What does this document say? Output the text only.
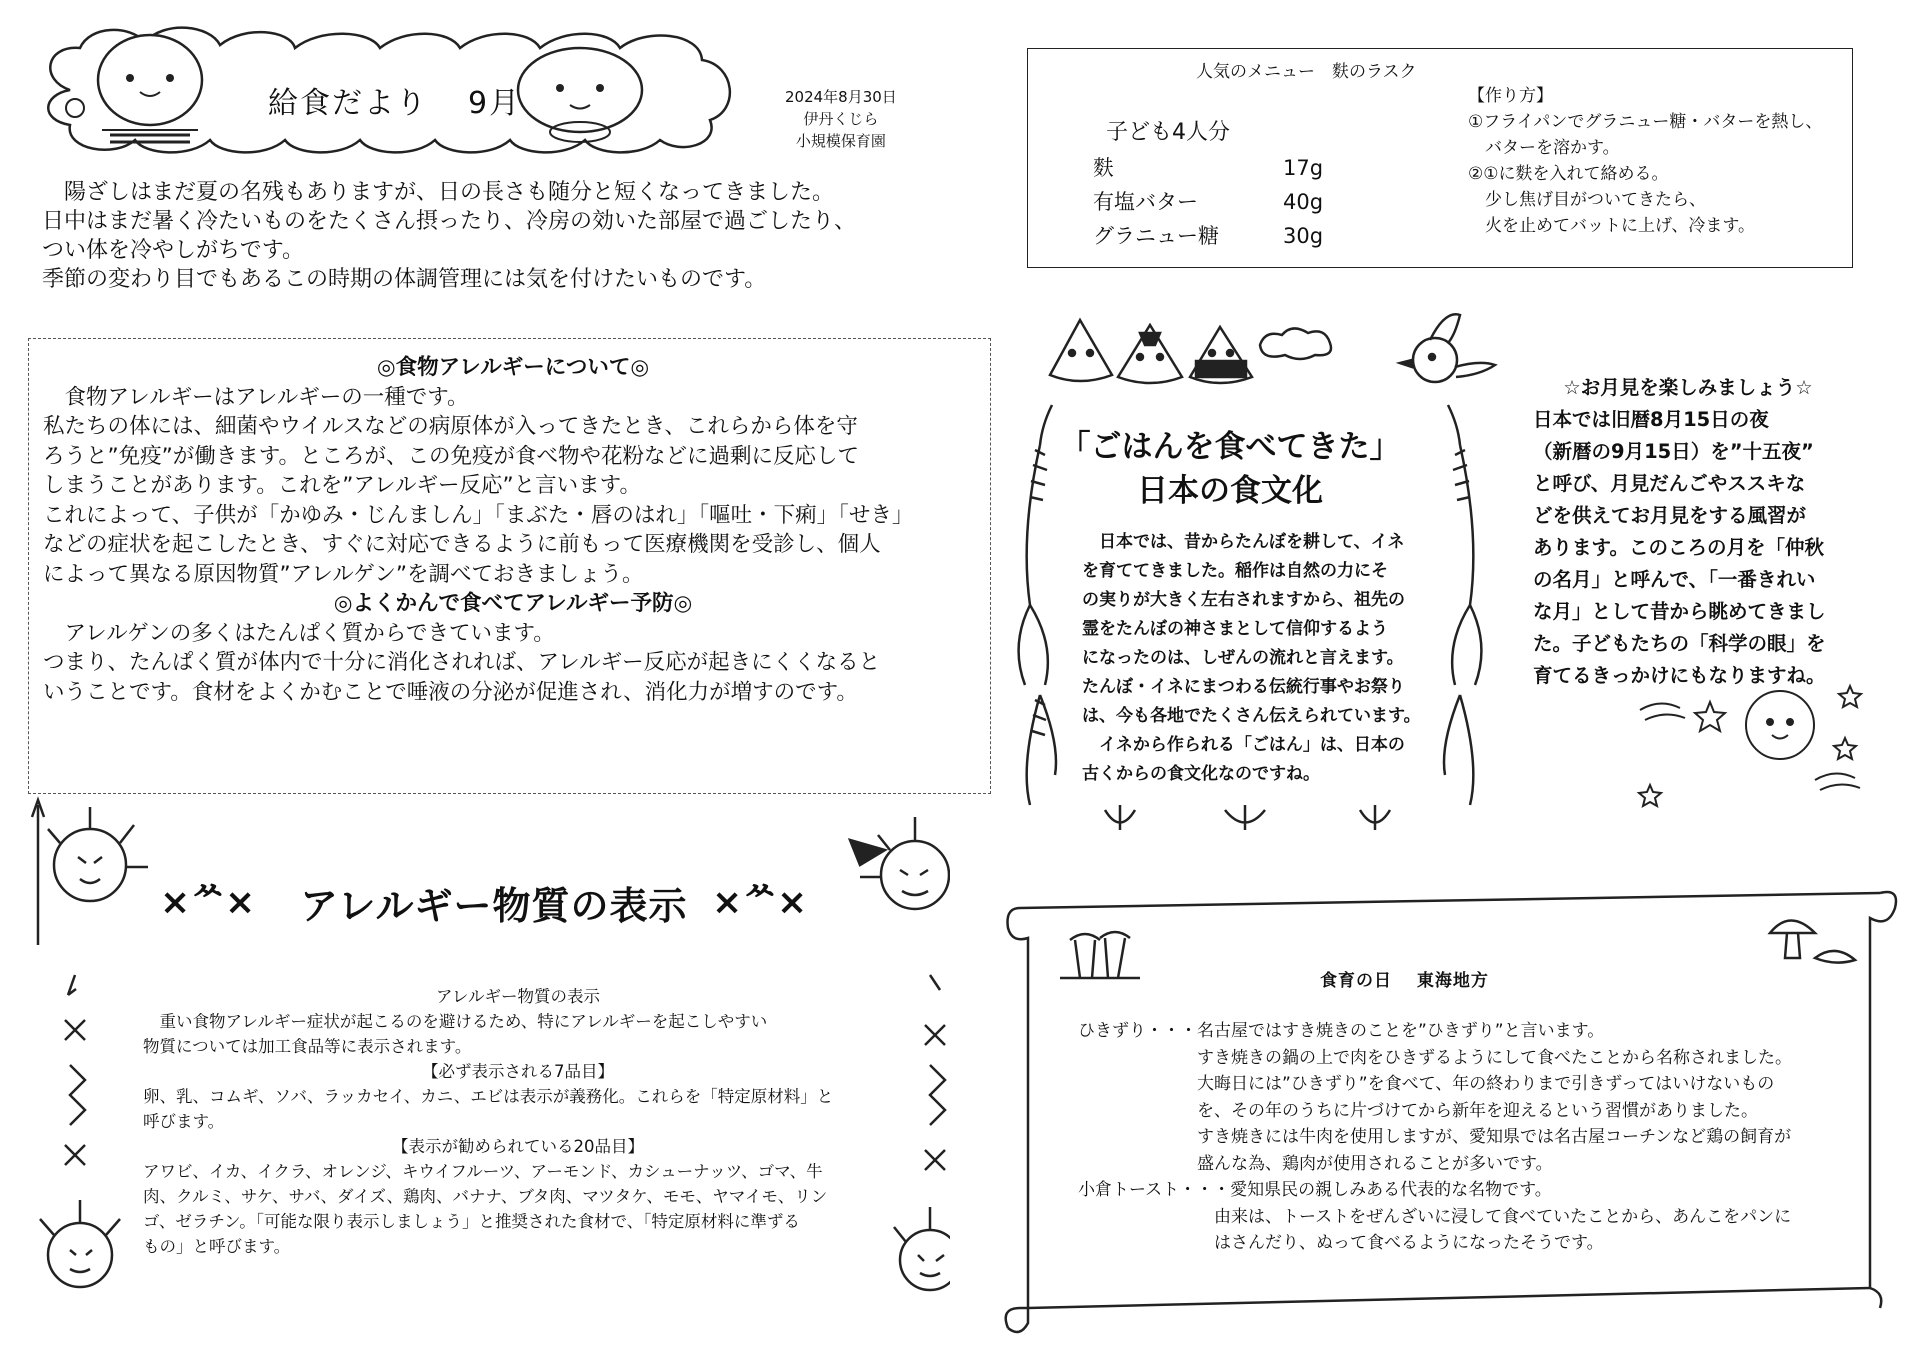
給食だより 9月	2024年8月30日
伊丹くじら
小規模保育園

陽ざしはまだ夏の名残もありますが、日の長さも随分と短くなってきました。

日中はまだ暑く冷たいものをたくさん摂ったり、冷房の効いた部屋で過ごしたり、

つい体を冷やしがちです。

季節の変わり目でもあるこの時期の体調管理には気を付けたいものです。

人気のメニュー　麩のラスク
子ども4人分
麩	17g
有塩バター	40g
グラニュー糖	30g
【作り方】
①フライパンでグラニュー糖・バターを熱し、
　バターを溶かす。
②①に麩を入れて絡める。
　少し焦げ目がついてきたら、
　火を止めてバットに上げ、冷ます。

◎食物アレルギーについて◎

　食物アレルギーはアレルギーの一種です。

私たちの体には、細菌やウイルスなどの病原体が入ってきたとき、これらから体を守

ろうと”免疫”が働きます。ところが、この免疫が食べ物や花粉などに過剰に反応して

しまうことがあります。これを”アレルギー反応”と言います。

これによって、子供が「かゆみ・じんましん」「まぶた・唇のはれ」「嘔吐・下痢」「せき」

などの症状を起こしたとき、すぐに対応できるように前もって医療機関を受診し、個人

によって異なる原因物質”アレルゲン”を調べておきましょう。

◎よくかんで食べてアレルギー予防◎

　アレルゲンの多くはたんぱく質からできています。

つまり、たんぱく質が体内で十分に消化されれば、アレルギー反応が起きにくくなると

いうことです。食材をよくかむことで唾液の分泌が促進され、消化力が増すのです。

×ᄊ× アレルギー物質の表示 ×ᄊ×

アレルギー物質の表示

　重い食物アレルギー症状が起こるのを避けるため、特にアレルギーを起こしやすい

物質については加工食品等に表示されます。

【必ず表示される7品目】

卵、乳、コムギ、ソバ、ラッカセイ、カニ、エビは表示が義務化。これらを「特定原材料」と

呼びます。

【表示が勧められている20品目】

アワビ、イカ、イクラ、オレンジ、キウイフルーツ、アーモンド、カシューナッツ、ゴマ、牛

肉、クルミ、サケ、サバ、ダイズ、鶏肉、バナナ、ブタ肉、マツタケ、モモ、ヤマイモ、リン

ゴ、ゼラチン。「可能な限り表示しましょう」と推奨された食材で、「特定原材料に準ずる

もの」と呼びます。

「ごはんを食べてきた」
日本の食文化

　日本では、昔からたんぼを耕して、イネ

を育ててきました。稲作は自然の力にそ

の実りが大きく左右されますから、祖先の

霊をたんぼの神さまとして信仰するよう

になったのは、しぜんの流れと言えます。

たんぼ・イネにまつわる伝統行事やお祭り

は、今も各地でたくさん伝えられています。

　イネから作られる「ごはん」は、日本の

古くからの食文化なのですね。

☆お月見を楽しみましょう☆

日本では旧暦8月15日の夜

（新暦の9月15日）を”十五夜”

と呼び、月見だんごやススキな

どを供えてお月見をする風習が

あります。このころの月を「仲秋

の名月」と呼んで、「一番きれい

な月」として昔から眺めてきまし

た。子どもたちの「科学の眼」を

育てるきっかけにもなりますね。

食育の日　 東海地方

ひきずり・・・名古屋ではすき焼きのことを”ひきずり”と言います。

　　　　　　　すき焼きの鍋の上で肉をひきずるようにして食べたことから名称されました。

　　　　　　　大晦日には”ひきずり”を食べて、年の終わりまで引きずってはいけないもの

　　　　　　　を、その年のうちに片づけてから新年を迎えるという習慣がありました。

　　　　　　　すき焼きには牛肉を使用しますが、愛知県では名古屋コーチンなど鶏の飼育が

　　　　　　　盛んな為、鶏肉が使用されることが多いです。

小倉トースト・・・愛知県民の親しみある代表的な名物です。

　　　　　　　　由来は、トーストをぜんざいに浸して食べていたことから、あんこをパンに

　　　　　　　　はさんだり、ぬって食べるようになったそうです。
